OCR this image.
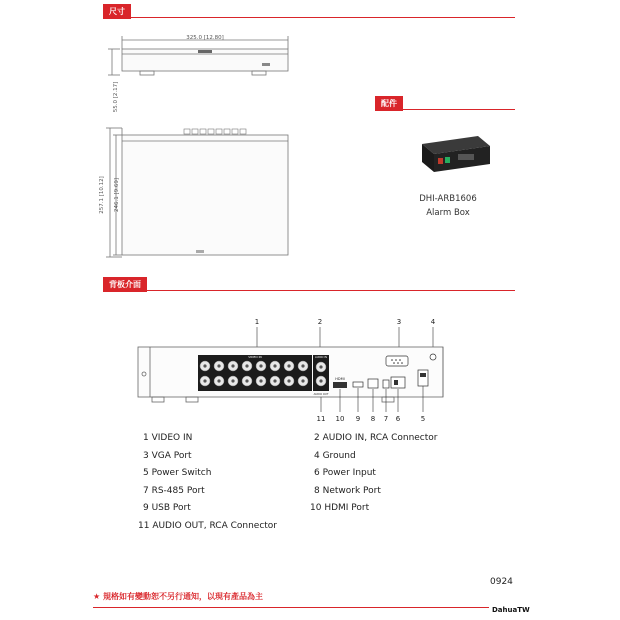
尺寸
325.0 [12.80]
55.0 [2.17]
257.1 [10.12] 246.1 [9.69]
配件
DHI-ARB1606
Alarm Box
背板介面
1	2	3	4
VIDEO IN	AUDIO IN
AUDIO OUT
HDMI
11 10 9 8 7 6	5
1 VIDEO IN	2 AUDIO IN, RCA Connector
3 VGA Port	4 Ground
5 Power Switch	6 Power Input
7 RS-485 Port	8 Network Port
9 USB Port	10 HDMI Port
11 AUDIO OUT, RCA Connector
0924
★ 規格如有變動恕不另行通知，以現有產品為主
DahuaTW
